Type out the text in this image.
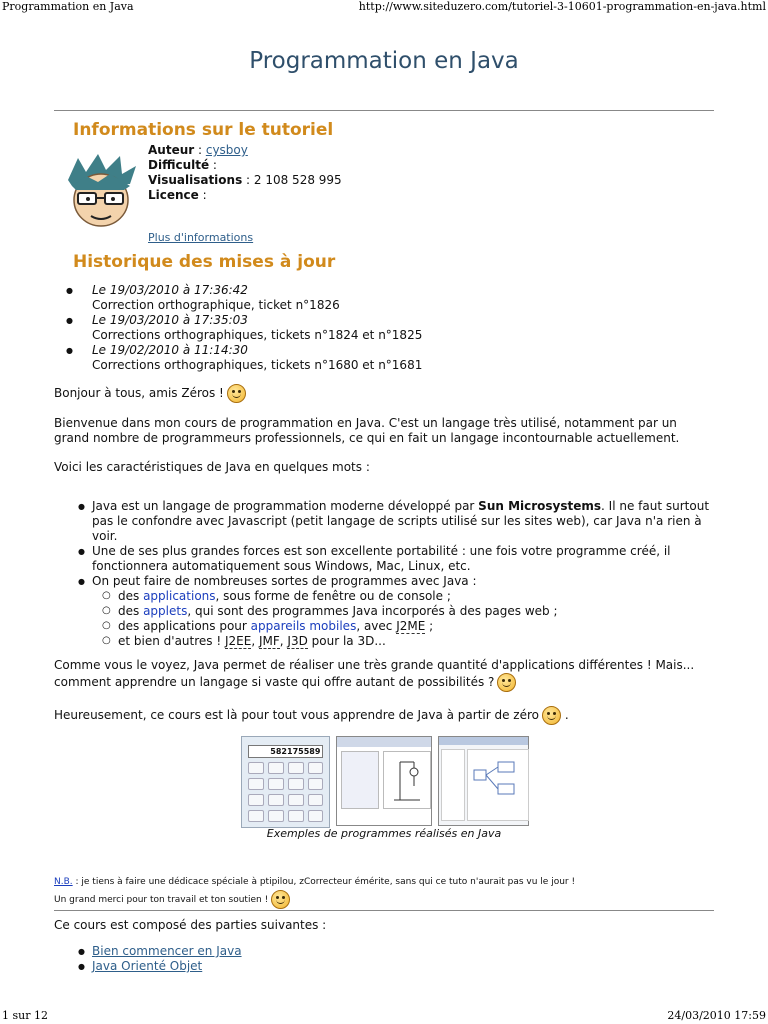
Programmation en Java	http://www.siteduzero.com/tutoriel-3-10601-programmation-en-java.html
Programmation en Java
Informations sur le tutoriel
Auteur : cysboy
Difficulté :
Visualisations : 2 108 528 995
Licence :
Plus d'informations
Historique des mises à jour
● Le 19/03/2010 à 17:36:42
Correction orthographique, ticket n°1826
● Le 19/03/2010 à 17:35:03
Corrections orthographiques, tickets n°1824 et n°1825
● Le 19/02/2010 à 11:14:30
Corrections orthographiques, tickets n°1680 et n°1681

Bonjour à tous, amis Zéros !

Bienvenue dans mon cours de programmation en Java. C'est un langage très utilisé, notamment par un grand nombre de programmeurs professionnels, ce qui en fait un langage incontournable actuellement.

Voici les caractéristiques de Java en quelques mots :

● Java est un langage de programmation moderne développé par Sun Microsystems. Il ne faut surtout pas le confondre avec Javascript (petit langage de scripts utilisé sur les sites web), car Java n'a rien à voir.
● Une de ses plus grandes forces est son excellente portabilité : une fois votre programme créé, il fonctionnera automatiquement sous Windows, Mac, Linux, etc.
● On peut faire de nombreuses sortes de programmes avec Java :
○ des applications, sous forme de fenêtre ou de console ;
○ des applets, qui sont des programmes Java incorporés à des pages web ;
○ des applications pour appareils mobiles, avec J2ME ;
○ et bien d'autres ! J2EE, JMF, J3D pour la 3D...

Comme vous le voyez, Java permet de réaliser une très grande quantité d'applications différentes ! Mais... comment apprendre un langage si vaste qui offre autant de possibilités ?

Heureusement, ce cours est là pour tout vous apprendre de Java à partir de zéro .

582175589
Exemples de programmes réalisés en Java
N.B. : je tiens à faire une dédicace spéciale à ptipilou, zCorrecteur émérite, sans qui ce tuto n'aurait pas vu le jour !
Un grand merci pour ton travail et ton soutien !

Ce cours est composé des parties suivantes :

● Bien commencer en Java
● Java Orienté Objet
1 sur 12	24/03/2010 17:59
